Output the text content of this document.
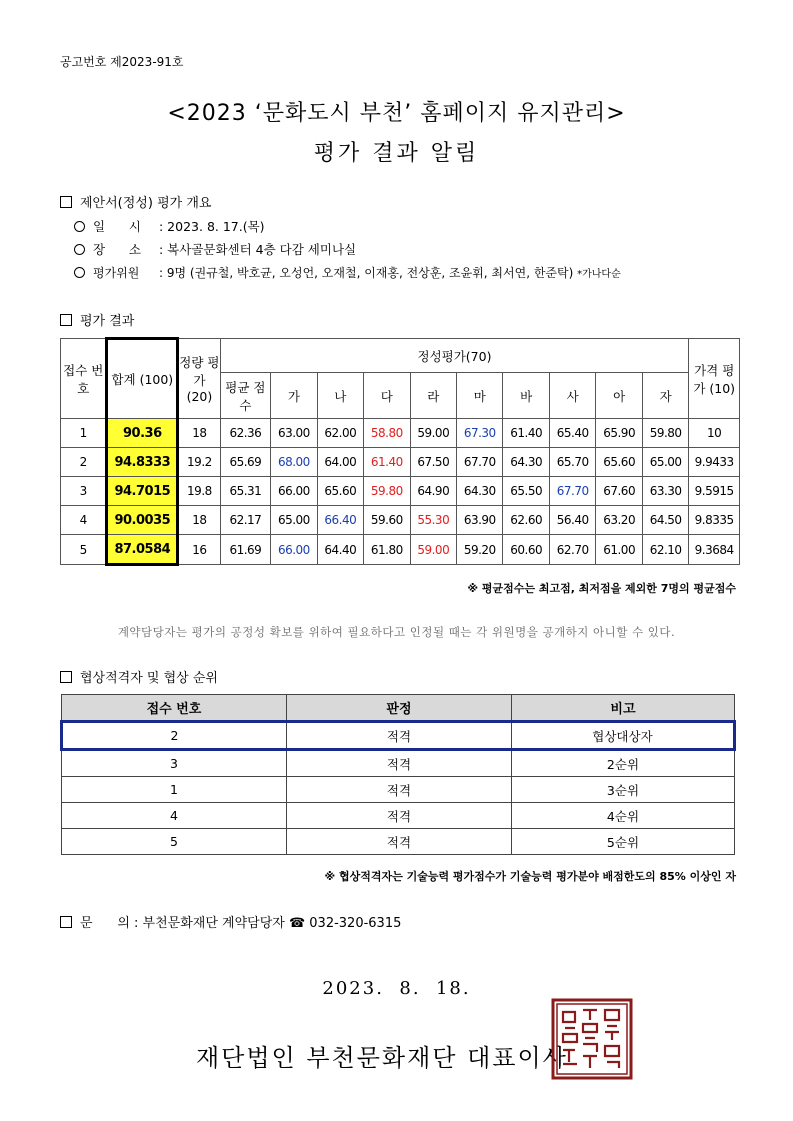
공고번호 제2023-91호
<2023 ‘문화도시 부천’ 홈페이지 유지관리>
평가 결과 알림
제안서(정성) 평가 개요
일      시 : 2023. 8. 17.(목)
장      소 : 복사골문화센터 4층 다감 세미나실
평가위원 : 9명 (권규철, 박호균, 오성언, 오재철, 이재홍, 전상훈, 조윤휘, 최서연, 한준탁) *가나다순
평가 결과
접수 번호	합계 (100)	정량 평가 (20)	정성평가(70)										가격 평가 (10)
			평균 점수	가	나	다	라	마	바	사	아	자	
1	90.36	18	62.36	63.00	62.00	58.80	59.00	67.30	61.40	65.40	65.90	59.80	10
2	94.8333	19.2	65.69	68.00	64.00	61.40	67.50	67.70	64.30	65.70	65.60	65.00	9.9433
3	94.7015	19.8	65.31	66.00	65.60	59.80	64.90	64.30	65.50	67.70	67.60	63.30	9.5915
4	90.0035	18	62.17	65.00	66.40	59.60	55.30	63.90	62.60	56.40	63.20	64.50	9.8335
5	87.0584	16	61.69	66.00	64.40	61.80	59.00	59.20	60.60	62.70	61.00	62.10	9.3684
※ 평균점수는 최고점, 최저점을 제외한 7명의 평균점수
계약담당자는 평가의 공정성 확보를 위하여 필요하다고 인정될 때는 각 위원명을 공개하지 아니할 수 있다.
협상적격자 및 협상 순위
접수 번호	판정	비고
2	적격	협상대상자
3	적격	2순위
1	적격	3순위
4	적격	4순위
5	적격	5순위
※ 협상적격자는 기술능력 평가점수가 기술능력 평가분야 배점한도의 85% 이상인 자
문      의 : 부천문화재단 계약담당자 ☎ 032-320-6315
2023.  8.  18.
재단법인 부천문화재단 대표이사
